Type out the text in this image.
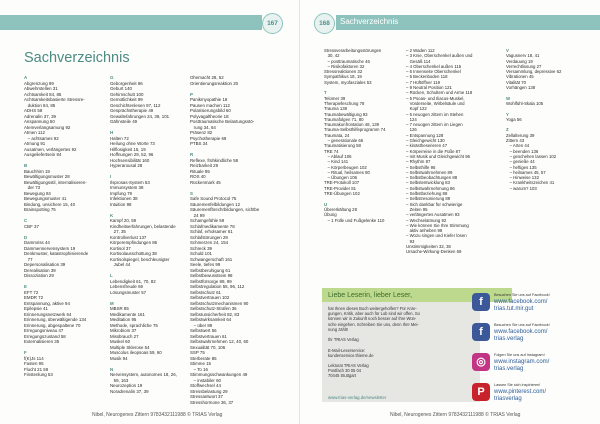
167
Sachverzeichnis
A
Abgrenzung 99
Abwehrstellen 31
Achtsamkeit 84, 85
Achtsamkeitsbasierte Stressre-
duktion 84, 85
ADHS 58
Adrenalin 37, 39
Anspannung 50
Atemverlangsamung 92
Atmen 112
– achtsames 92
Atmung 91
Ausatmen, verlängertes 92
Ausgeliefertsein 84
B
Bauchhirn 19
Bewältigungsmuster 28
Bewältigungsstil, internalisieren-
der 73
Bewegung 84
Bewegungsmuster 41
Bindung, unsichere 15, 40
Brainspotting 75
C
CBF 37
D
Dammriss 44
Dammennervensystem 19
Denkmuster, katastrophisierende
77
Depersonalisation 39
Derealisation 39
Dissoziation 29
E
EFT 72
EMDR 72
Entspannung, aktive 94
Epilepsie 41
Erinnerungsnetzwerk 64
Erinnerung, überwältigende 134
Erinnerung, abgespaltene 70
Erregungsniveau 47
Erregungszustand 58
Externalisieren 35
F
f(K)Js 114
Fasten 95
Flucht 21 59
Finstenlung 53
G
Geborgenheit 96
Geburt 140
Gehirnschutt 100
Gemütlichkeit 99
Geschichtenlesen 97, 112
Gesprächstherapie 49
Gewaltefahrungen 24, 39, 101
Gähnsteile 49
H
Halten 72
Heilung ohne Worte 73
Hilflosigkeit 15, 19
Hoffnungen 29, 52, 96
Hochsensibilität 160
Hyperarousal 28
I
Ilsprosas-System 53
Immunsystem 38
Impfung 79
Infektionen 38
Intuition 98
K
Kampf 20, 59
Kindheitserfahrungen, belastende
27, 35
Kontrollverlust 137
Körperempfindungen 86
Kortisol 37
Kortisolausschüttung 38
Kortisolspiegel, beschleunigter
Jubel 44
L
Lebendigkeit 61, 70, 82
Lebensfreude 69
Lösungsmuster 57
M
MBSR 85
Medikamente 161
Meditation 95
Methode, sprachliche 75
Mikrobiom 37
Missbrauch 27
Muskel 60
Multiple Sklerose 54
Muscolus ileopsoas 59, 60
Musik 94
N
Nervensystem, autonomes 18, 26,
59, 163
Neurozeption 19
Noradrenalin 37, 39
Ohnmacht 28, 52
Orientierungsreaktion 20
P
Panikmyopathie 18
Pausen machen 112
Polarisierungsbild 60
Polyvagaltheorie 18
Posttraumatische Belastungsstö-
rung 34, 64
Präsenz 82
Psychotherapie 69
PTBS 34
R
Reflexe, frühkindliche 58
Reizbarkeit 29
Rituale 95
ROS 40
Rückenmark 45
S
Safe Sound Protocol 75
Säuremenfelbildungen 12
Säuremenfbrechrbildungen, sichtbe
24 99
Schamgefühle 59
Schlafmedikamente 78
Schlaf, erholsamer 61
Schlafstörungen 29
Schmerzen 24, 154
Schreck 39
Schuld 101
Schwangerschaft 161
Seele, tiefes 99
Selbstberuhigung 61
Selbstbewusstsein 98
Selbstfürsorge 89, 99
Selbstregulation 55, 96, 112
Selbstschutz 61
Selbstvertrauen 102
Selbstschutzmechanismen 90
Selbstschutz-Strafen 36
Selbstunsicherheit 82, 83
Selbstwirksamkeit 64
– über 89
Selbstwert 56
Selbstvertrauen 61
Selbstwahrnehmen 12, 40, 60
Sexualität 70, 106
SSP 75
Sterberate 85
Stimme 15
– To 16
Stimmungsschwankungen 49
– instabiler 60
Stoffwechsel 44
Stressbelastung 29
Stressantwort 37
Stresshormone 36, 37
Nibel, Neurogenes Zittern 9783432111988 © TRIAS Verlag
168	Sachverzeichnis
Stressverarbeitungsstörungen
30, 42
– posttraumatische 46
– Risikofaktoren 32
Stressreaktionen 32
Sympathikus 18, 19
System, myofasziales 53
T
Telomer 39
Therapiefeschung 78
Trauma 138
Traumabewältigung 93
Traumafolgen 71, 80
Traumakonfrontation 48, 139
Trauma-Selbsthilfeprogramm 74
Traumata, 24
– generationale 66
Traumatisierung 58
TRE 74
– Ablauf 106
– Kind 141
– Körperbeugen 102
– Ritual, heilsames 80
– Übungen 106
TRE-Protokoll 107
TRE-Provider 81
TRE-Übungen 102
U
Übererkältung 28
Übung
– 1 Fülle und Fußgelenke 110
– 2 Waden 112
– 3 Knie, Oberschenkel außen und
Gesäß 114
– 4 Oberschenkel außen 115
– 6 Innenseite Oberschenkel
– 5 Beckenboden 118
– 7 Hüftöffner 119
– 9 Neutral Position 121
– Rücken, Schultern und Arme 118
– 5 Psoas- und Iliacus-Muskel,
Vorderseite, Wirbelsäule und
Kopf 122
– 6 neuogen zittern im Stehen
124
– 7 neuogen zittern im Liegen
126
– Entspannung 128
– Gleichgewicht 130
– kinästheserieren 47
– Körperreise in die Füße 87
– mit Musik und Gleichgewicht 96
– Rhythm 87
– Selbsthilfe 95
– Selbstwahrnehmen 89
– Selbstbeobachtungen 88
– Selbstentwicklung 83
– Selbstwahrnehmung 86
– Selbstbeziehung 88
– Selbstresonierung 89
– Sich dankbar für schwierige
Zeiten 95
– verlängertes Ausatmen 93
– Wechselatmung 92
– Wie können Sie Ihre Stimmung
aktiv anheben 98
– Wozu singen und Kiefer lösen
93
Unstimmigkeiten 32, 36
Ursache-Wirkung-Denken 69
V
Vagusnerv 18, 41
Verdauung 19
Verrechtlissung 27
Versammlung, depressive 62
Vibrationen 45
Vitalität 70
Vorhängen 138
W
Wohlfühl-Skala 105
Y
Yoga 56
Z
Zellalterung 39
Zittern 43
– Arten 44
– beenden 136
– geschehen lassen 102
– genieße 44
– heftiges 135
– heilsames 45, 57
– Hinweise 132
– Krankheitszeichen 41
– warum? 103
Liebe Leserin, lieber Leser,
hat Ihnen dieses Buch weitergeholfen? Für Anre-
gungen, Kritik, aber auch für Lob sind wir offen. So
können wir in Zukunft noch besser auf Ihre Wün-
sche eingehen. Schreiben Sie uns, denn Ihre Mei-
nung zählt!
Ihr TRIAS Verlag
E-Mail-Leserservice:
kundenservice.thieme.de
Lektorat TRIAS Verlag
Postfach 30 05 04
70445 Stuttgart
www.trias-verlag.de/newsletter
f
Besuchen Sie uns auf Facebook!
www.facebook.com/
trias.tut.mir.gut
f
Besuchen Sie uns auf Facebook!
www.facebook.com/
trias.verlag
◎
Folgen Sie uns auf Instagram!
www.instagram.com/
trias.verlag
P
Lassen Sie sich inspirieren!
www.pinterest.com/
triasverlag
Nibel, Neurogenes Zittern 9783432111988 © TRIAS Verlag
